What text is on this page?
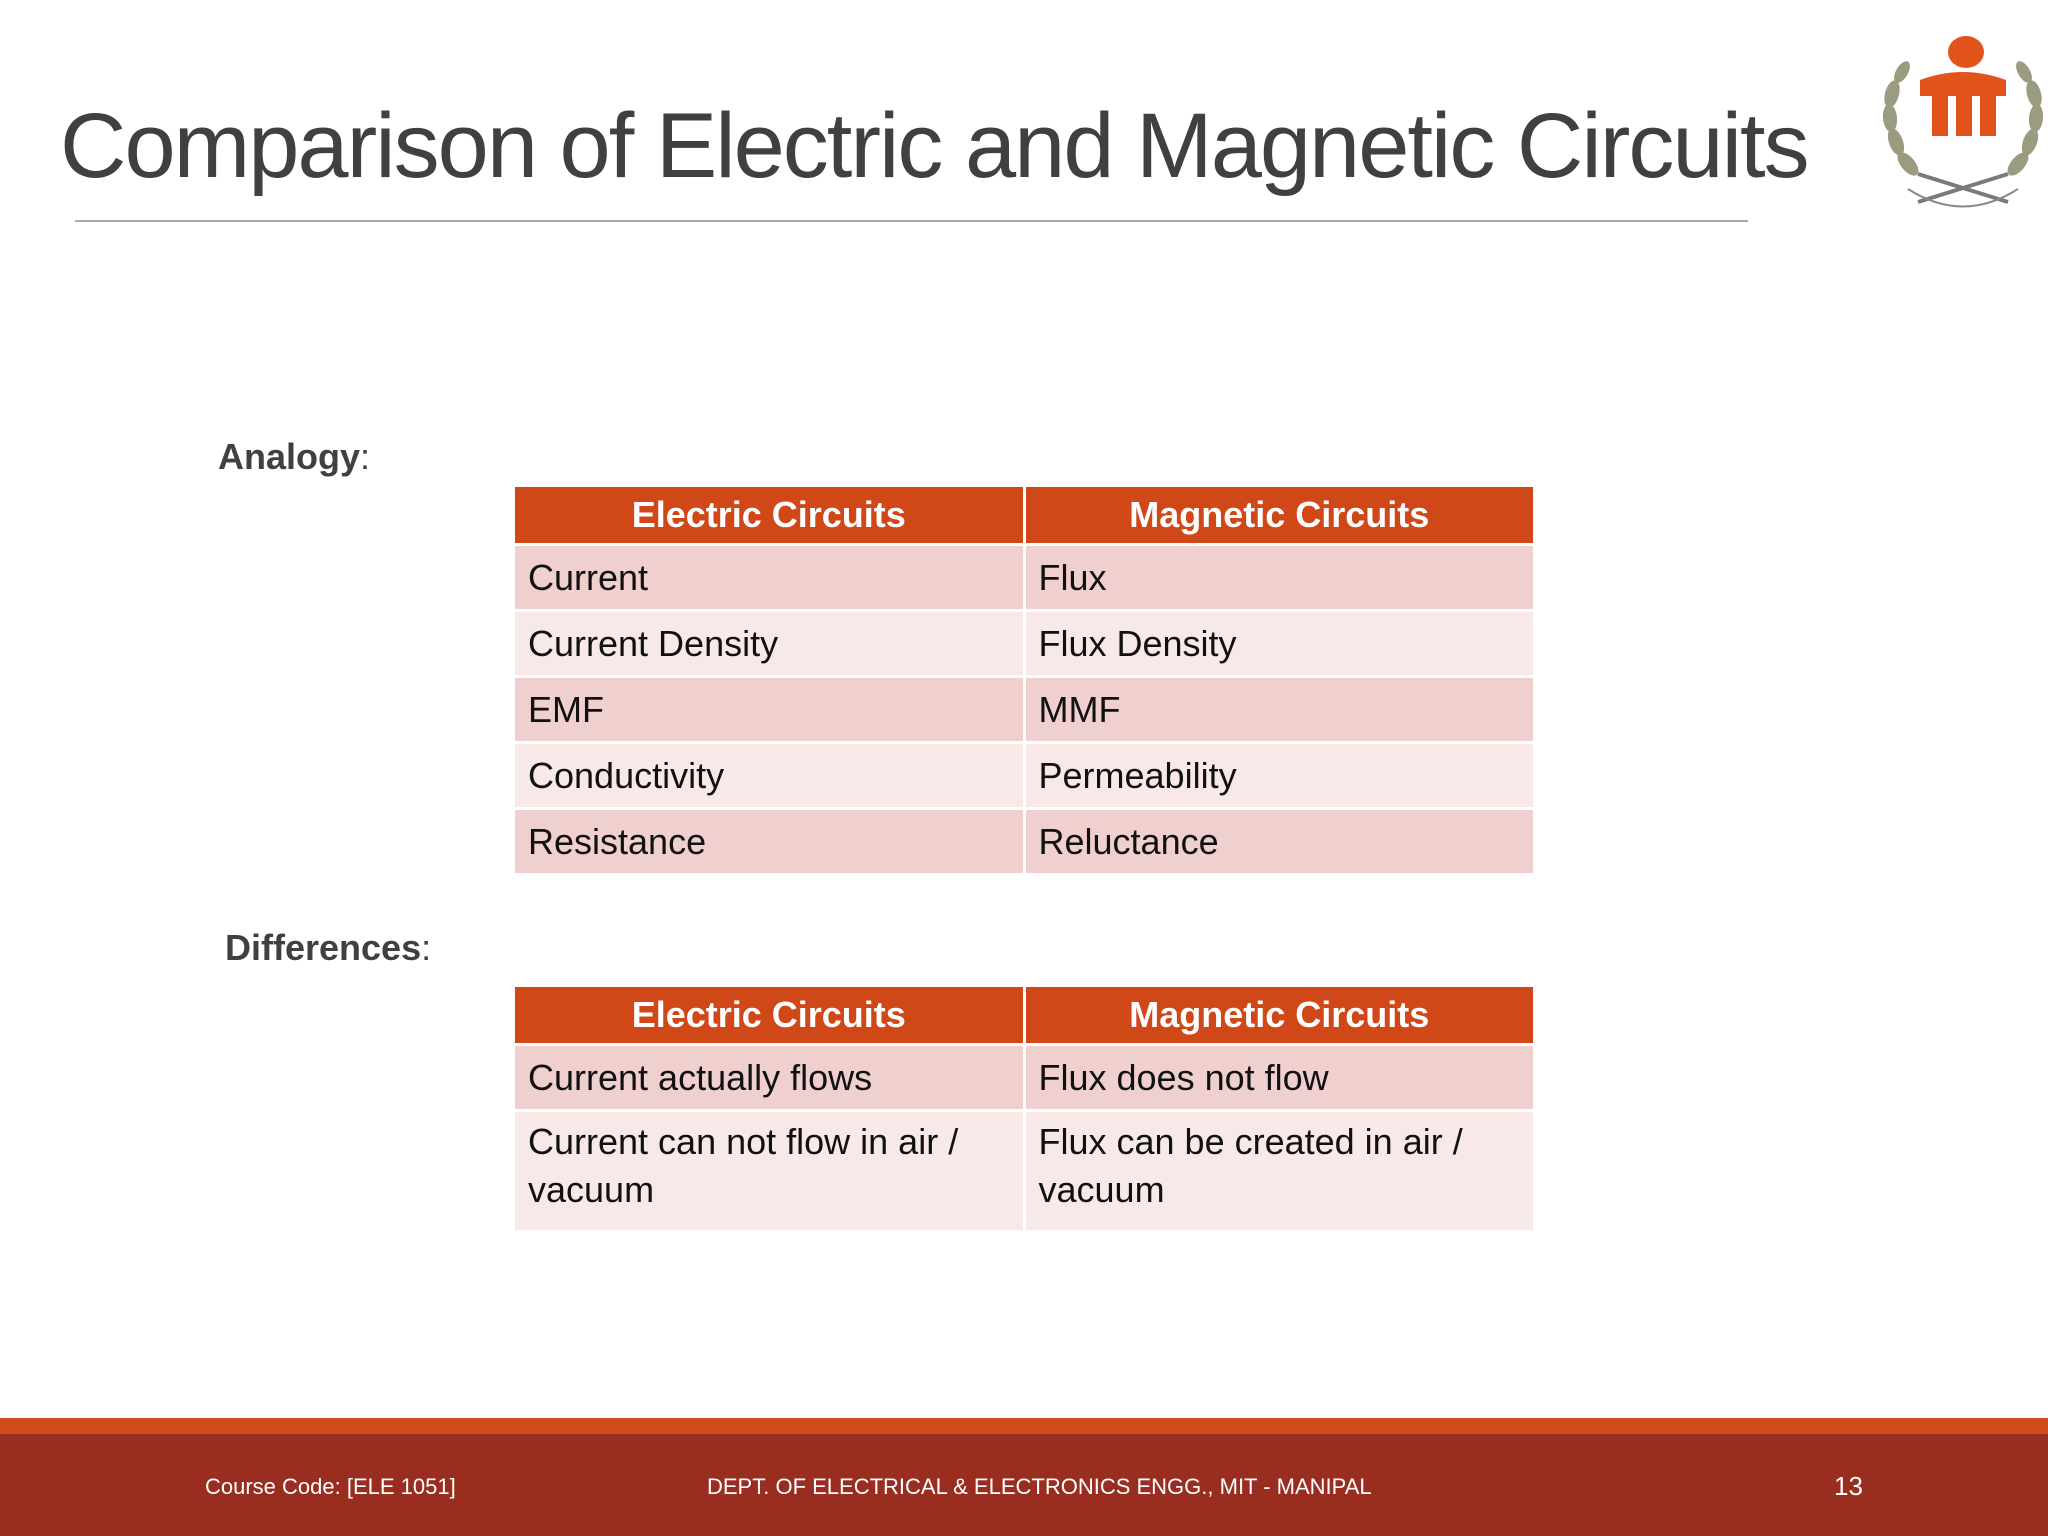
Comparison of Electric and Magnetic Circuits
Analogy:
Electric Circuits	Magnetic Circuits
Current	Flux
Current Density	Flux Density
EMF	MMF
Conductivity	Permeability
Resistance	Reluctance
Differences:
Electric Circuits	Magnetic Circuits
Current actually flows	Flux does not flow
Current can not flow in air / vacuum	Flux can be created in air / vacuum
Course Code: [ELE 1051]	DEPT. OF ELECTRICAL & ELECTRONICS ENGG., MIT - MANIPAL	13
